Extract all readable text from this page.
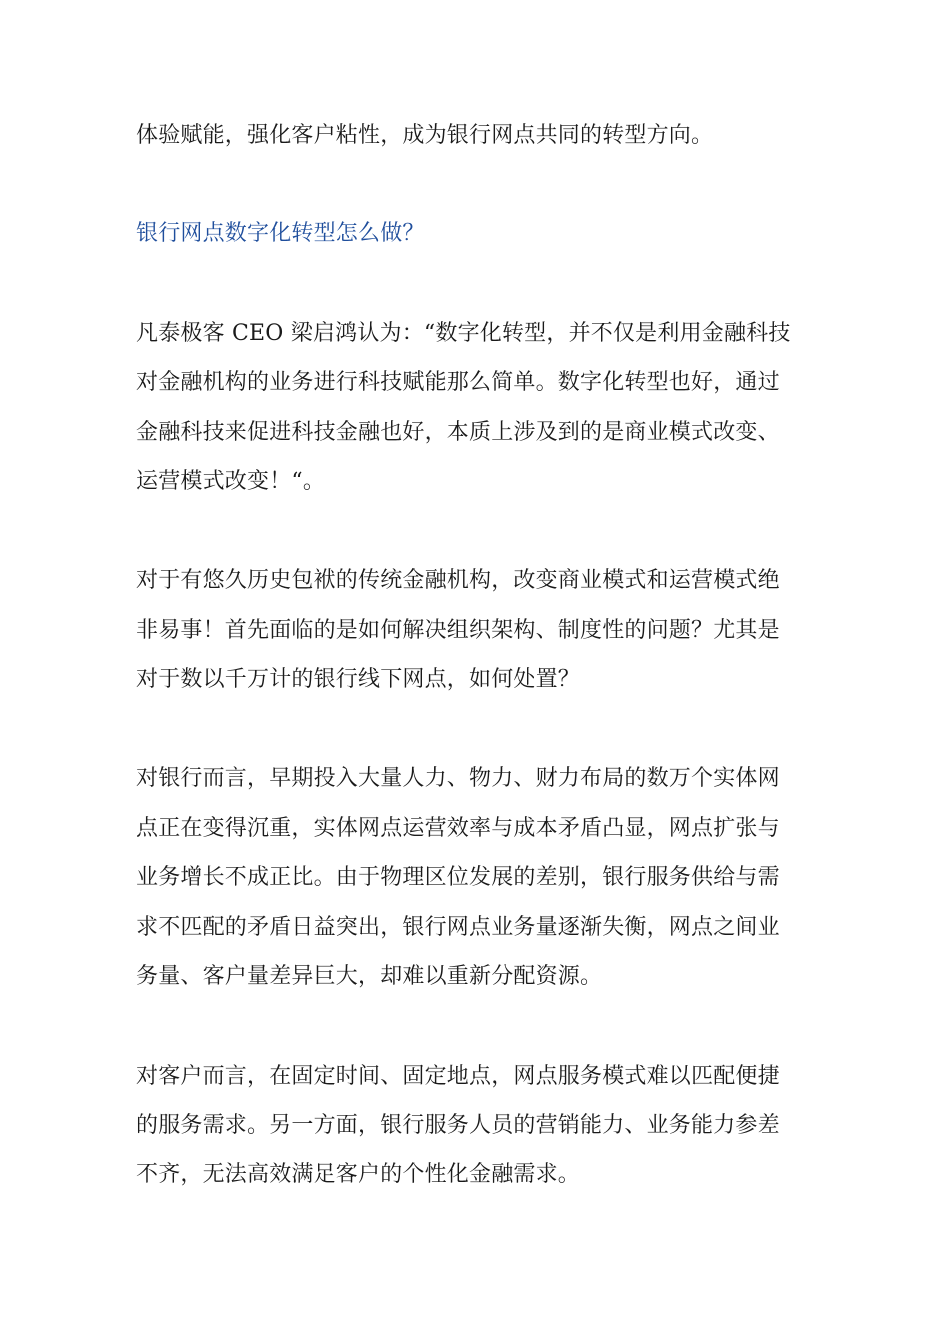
体验赋能，强化客户粘性，成为银行网点共同的转型方向。
银行网点数字化转型怎么做？
凡泰极客 CEO 梁启鸿认为：“数字化转型，并不仅是利用金融科技
对金融机构的业务进行科技赋能那么简单。数字化转型也好，通过
金融科技来促进科技金融也好，本质上涉及到的是商业模式改变、
运营模式改变！“。
对于有悠久历史包袱的传统金融机构，改变商业模式和运营模式绝
非易事！首先面临的是如何解决组织架构、制度性的问题？尤其是
对于数以千万计的银行线下网点，如何处置？
对银行而言，早期投入大量人力、物力、财力布局的数万个实体网
点正在变得沉重，实体网点运营效率与成本矛盾凸显，网点扩张与
业务增长不成正比。由于物理区位发展的差别，银行服务供给与需
求不匹配的矛盾日益突出，银行网点业务量逐渐失衡，网点之间业
务量、客户量差异巨大，却难以重新分配资源。
对客户而言，在固定时间、固定地点，网点服务模式难以匹配便捷
的服务需求。另一方面，银行服务人员的营销能力、业务能力参差
不齐，无法高效满足客户的个性化金融需求。
